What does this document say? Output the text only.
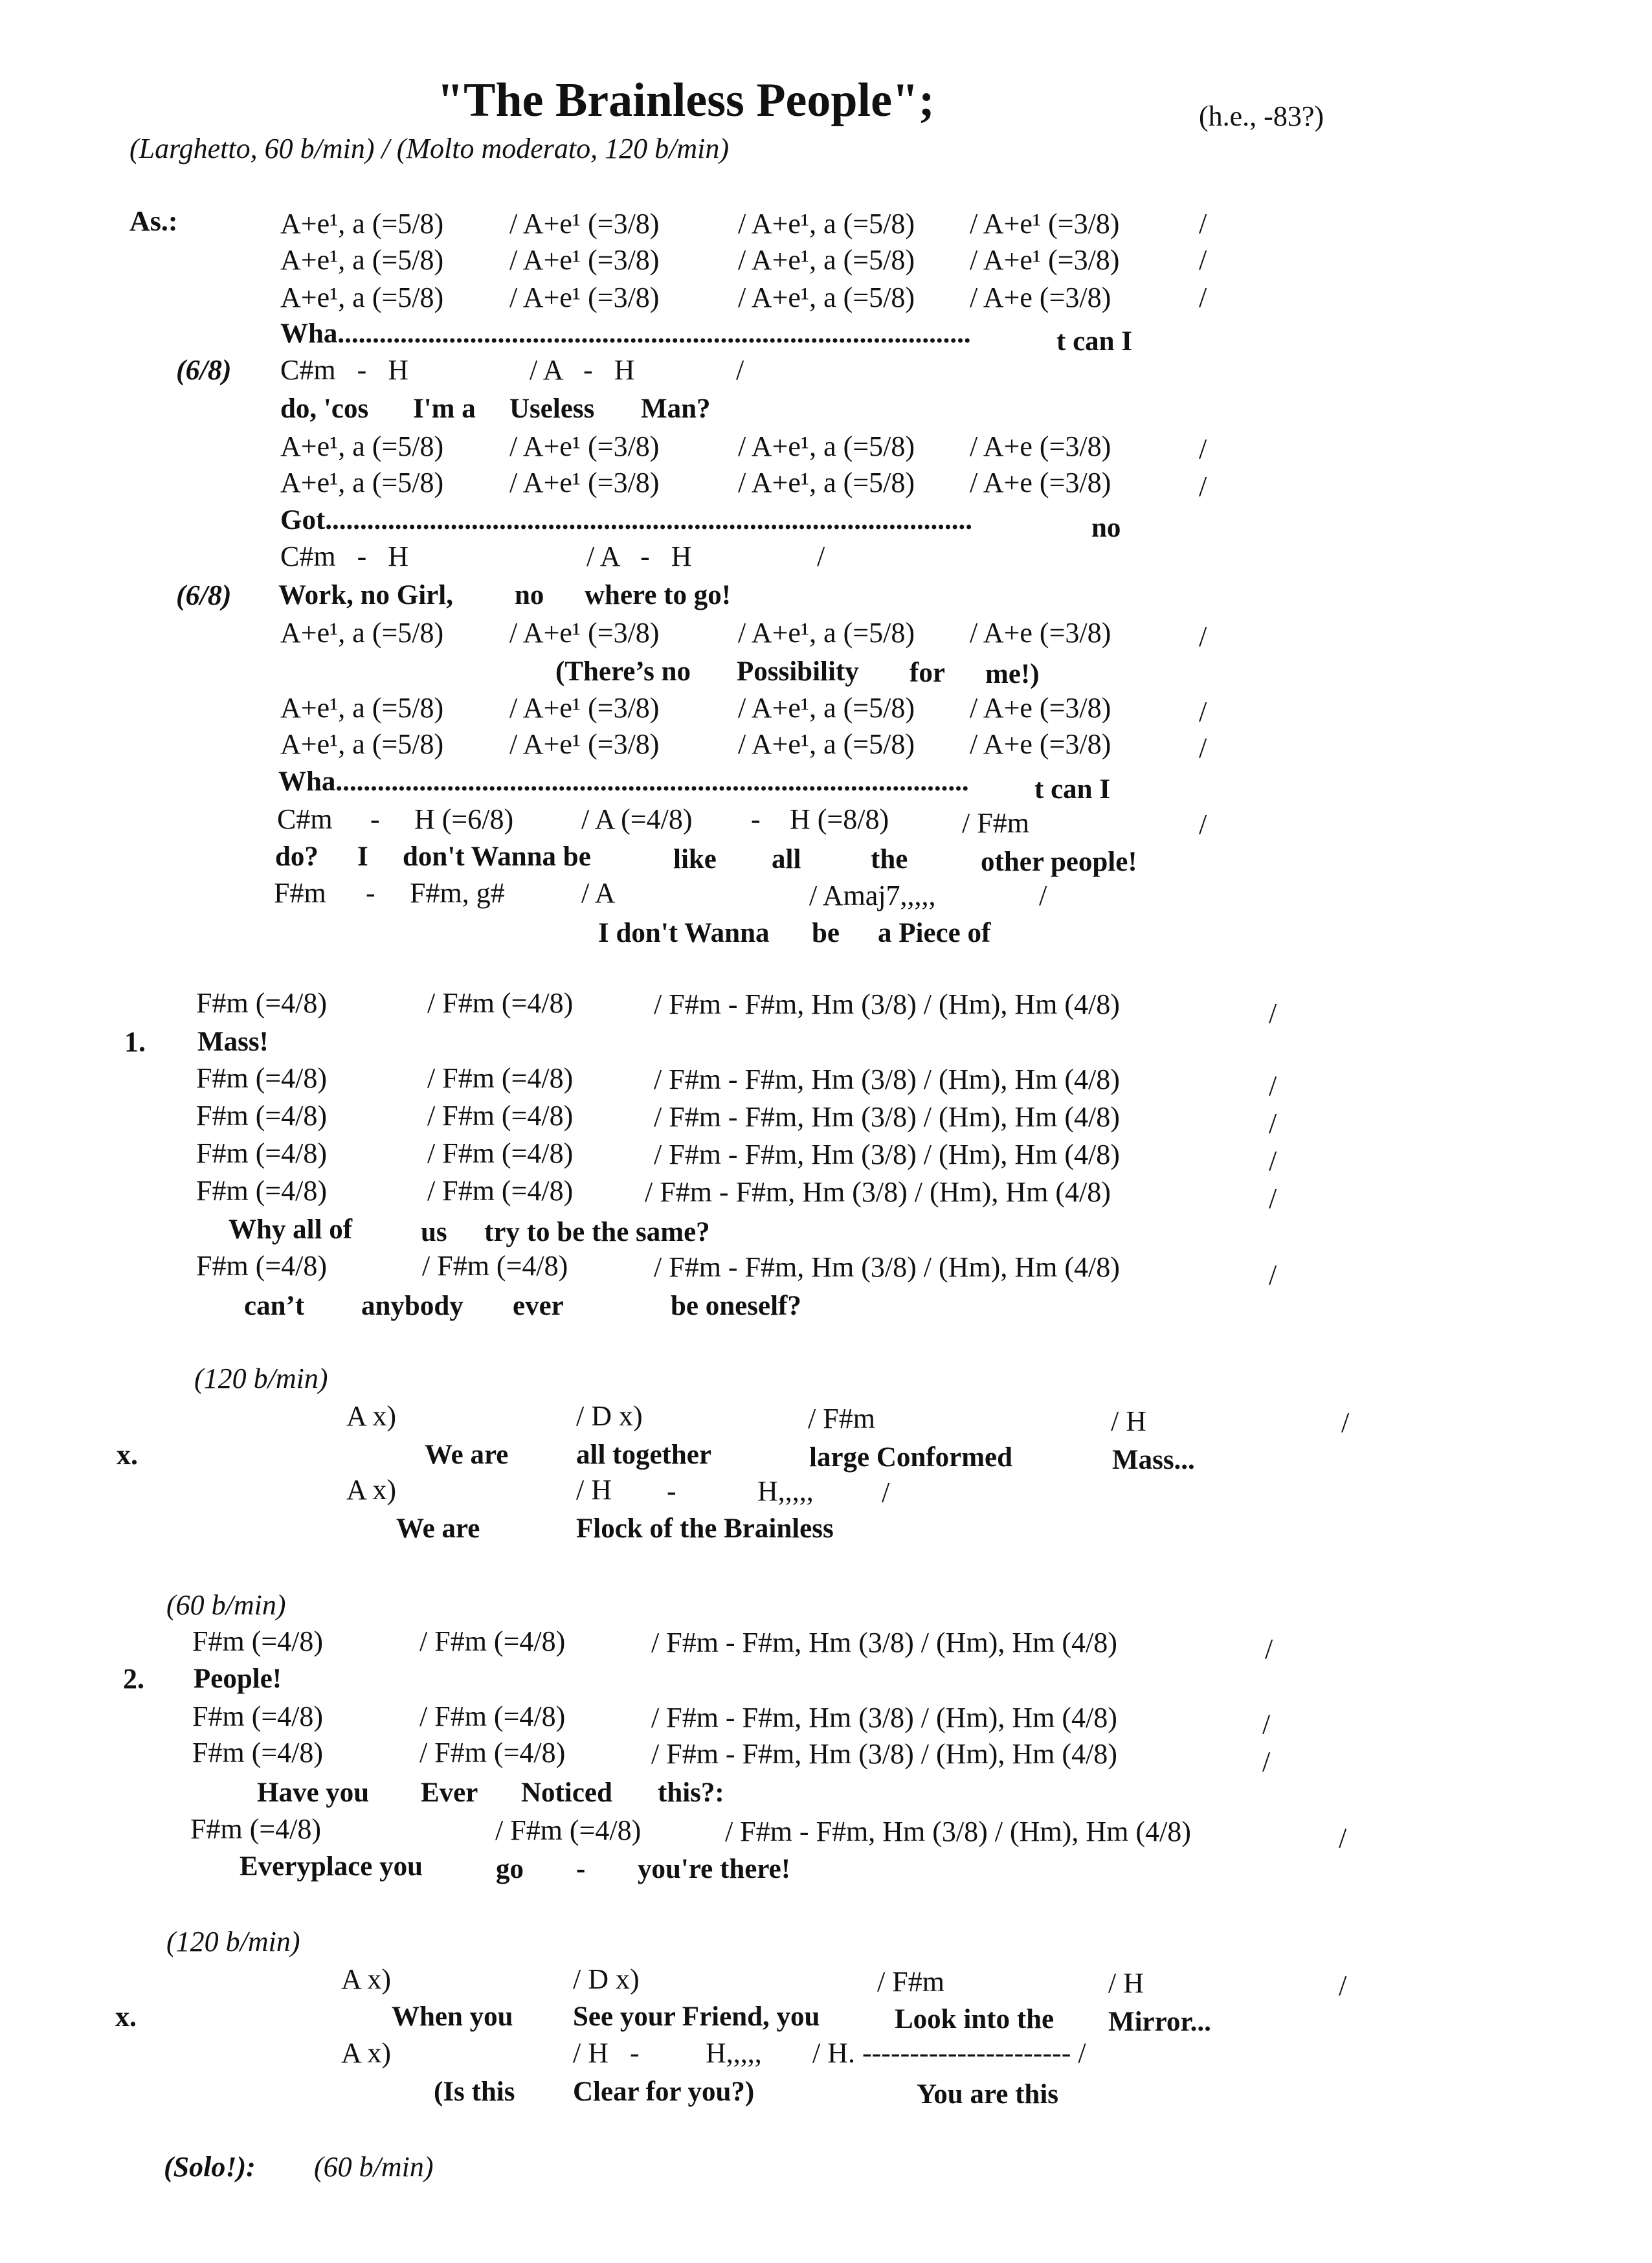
"The Brainless People";	(h.e., -83?)
(Larghetto, 60 b/min) / (Molto moderato, 120 b/min)
As.:	A+e¹, a (=5/8) / A+e¹ (=3/8)	/ A+e¹, a (=5/8) / A+e¹ (=3/8)	/
A+e¹, a (=5/8) / A+e¹ (=3/8)	/ A+e¹, a (=5/8) / A+e¹ (=3/8)	/
A+e¹, a (=5/8) / A+e¹ (=3/8)	/ A+e¹, a (=5/8) / A+e (=3/8)	/
Wha...........................................................................................	t can I
(6/8) C#m   -   H	/ A   -   H	/
do, 'cos I'm a Useless Man?
A+e¹, a (=5/8) / A+e¹ (=3/8)	/ A+e¹, a (=5/8) / A+e (=3/8)	/
A+e¹, a (=5/8) / A+e¹ (=3/8)	/ A+e¹, a (=5/8) / A+e (=3/8)	/
Got.............................................................................................	no
C#m   -   H	/ A   -   H	/
(6/8) Work, no Girl, no where to go!
A+e¹, a (=5/8) / A+e¹ (=3/8)	/ A+e¹, a (=5/8) / A+e (=3/8)	/
(There’s no Possibility for me!)
A+e¹, a (=5/8) / A+e¹ (=3/8)	/ A+e¹, a (=5/8) / A+e (=3/8)	/
A+e¹, a (=5/8) / A+e¹ (=3/8)	/ A+e¹, a (=5/8) / A+e (=3/8)	/
Wha........................................................................................... t can I
C#m - H (=6/8) / A (=4/8) - H (=8/8)	/ F#m	/
do? I don't Wanna be	like all	the	other people!
F#m - F#m, g#	/ A	/ Amaj7,,,,,	/
I don't Wanna be a Piece of
F#m (=4/8)	/ F#m (=4/8)	/ F#m - F#m, Hm (3/8) / (Hm), Hm (4/8)	/
1. Mass!
F#m (=4/8)	/ F#m (=4/8)	/ F#m - F#m, Hm (3/8) / (Hm), Hm (4/8)	/
F#m (=4/8)	/ F#m (=4/8)	/ F#m - F#m, Hm (3/8) / (Hm), Hm (4/8)	/
F#m (=4/8)	/ F#m (=4/8)	/ F#m - F#m, Hm (3/8) / (Hm), Hm (4/8)	/
F#m (=4/8)	/ F#m (=4/8)	/ F#m - F#m, Hm (3/8) / (Hm), Hm (4/8)	/
Why all of us try to be the same?
F#m (=4/8)	/ F#m (=4/8)	/ F#m - F#m, Hm (3/8) / (Hm), Hm (4/8)	/
can’t anybody ever	be oneself?
(120 b/min)
A x)	/ D x)	/ F#m	/ H	/
x.	We are all together	large Conformed	Mass...
A x)	/ H -	H,,,,, /
We are	Flock of the Brainless
(60 b/min)
F#m (=4/8)	/ F#m (=4/8)	/ F#m - F#m, Hm (3/8) / (Hm), Hm (4/8)	/
2. People!
F#m (=4/8)	/ F#m (=4/8)	/ F#m - F#m, Hm (3/8) / (Hm), Hm (4/8)	/
F#m (=4/8)	/ F#m (=4/8)	/ F#m - F#m, Hm (3/8) / (Hm), Hm (4/8)	/
Have you Ever Noticed this?:
F#m (=4/8)	/ F#m (=4/8)	/ F#m - F#m, Hm (3/8) / (Hm), Hm (4/8)	/
Everyplace you	go - you're there!
(120 b/min)
A x)	/ D x)	/ F#m	/ H	/
x.	When you See your Friend, you	Look into the Mirror...
A x)	/ H   - H,,,,, / H. ---------------------- /
(Is this Clear for you?)	You are this
(Solo!): (60 b/min)
